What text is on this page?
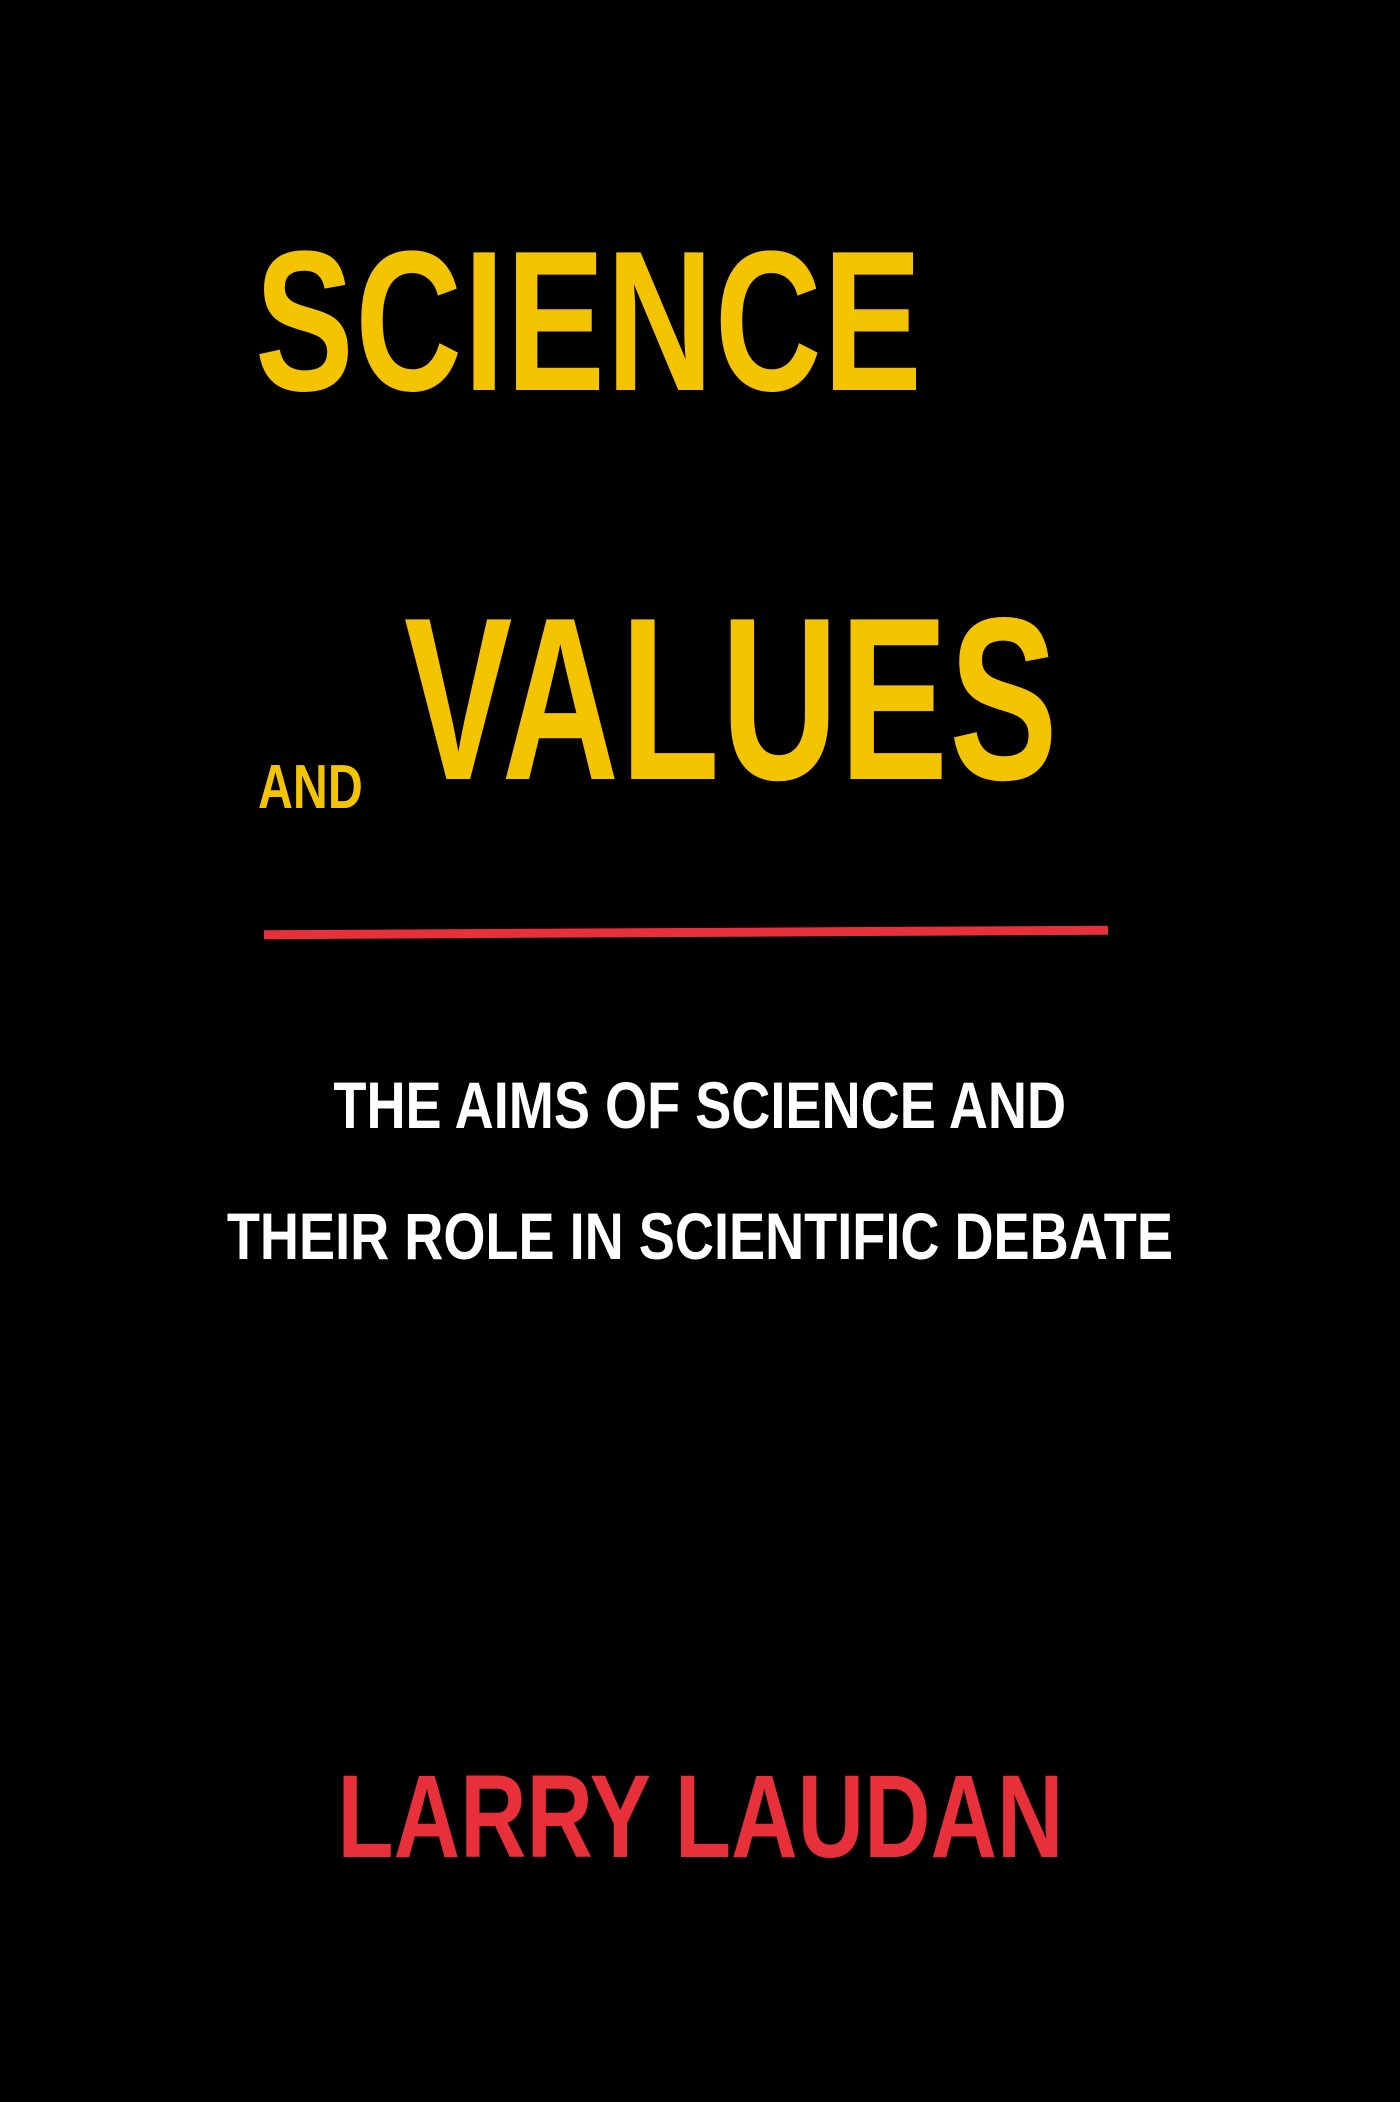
SCIENCE
AND VALUES
THE AIMS OF SCIENCE AND
THEIR ROLE IN SCIENTIFIC DEBATE
LARRY LAUDAN
